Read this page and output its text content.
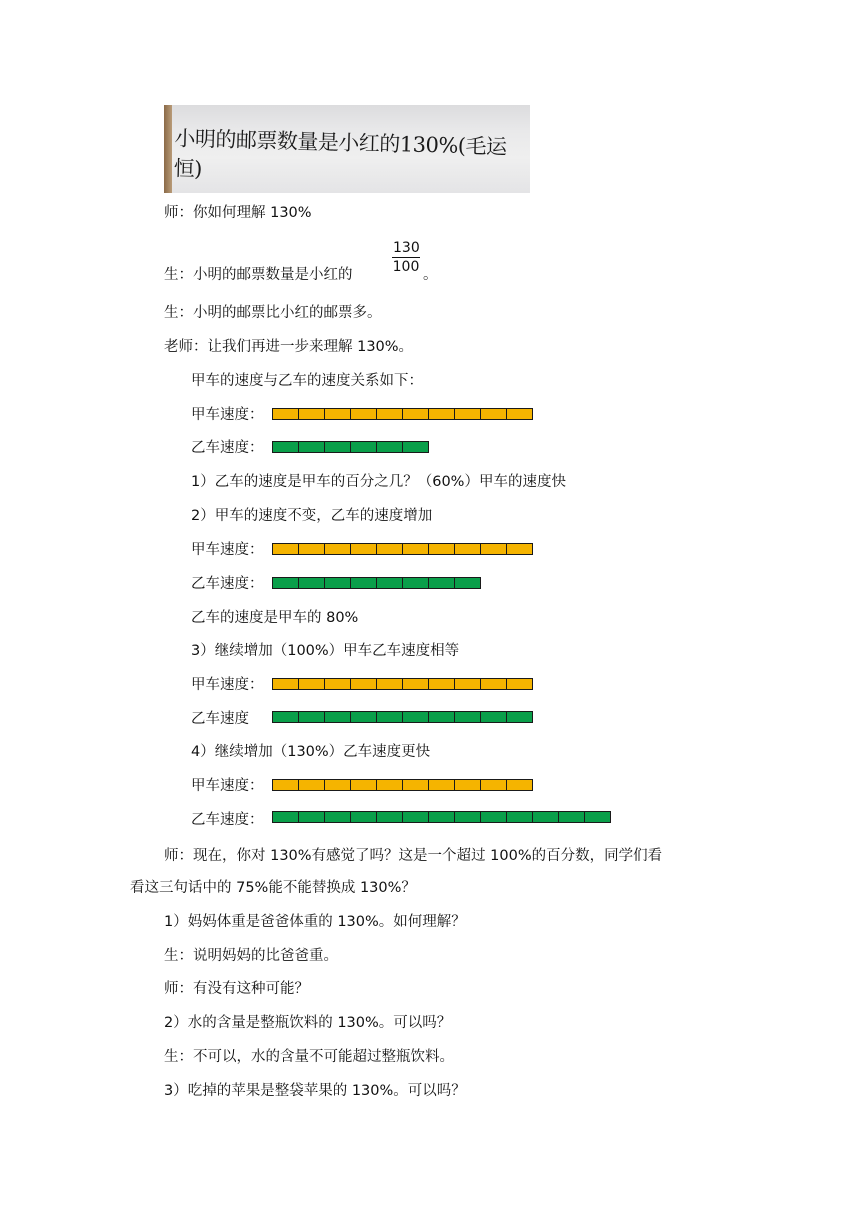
小明的邮票数量是小红的130%(毛运恒)
师：你如何理解 130%
生：小明的邮票数量是小红的	$\frac{130}{100}$ 。
生：小明的邮票比小红的邮票多。
老师：让我们再进一步来理解 130%。
甲车的速度与乙车的速度关系如下：
甲车速度：
乙车速度：
1）乙车的速度是甲车的百分之几？（60%）甲车的速度快
2）甲车的速度不变，乙车的速度增加
甲车速度：
乙车速度：
乙车的速度是甲车的 80%
3）继续增加（100%）甲车乙车速度相等
甲车速度：
乙车速度
4）继续增加（130%）乙车速度更快
甲车速度：
乙车速度：
师：现在，你对 130%有感觉了吗？这是一个超过 100%的百分数，同学们看
看这三句话中的 75%能不能替换成 130%？
1）妈妈体重是爸爸体重的 130%。如何理解？
生：说明妈妈的比爸爸重。
师：有没有这种可能？
2）水的含量是整瓶饮料的 130%。可以吗？
生：不可以，水的含量不可能超过整瓶饮料。
3）吃掉的苹果是整袋苹果的 130%。可以吗？
